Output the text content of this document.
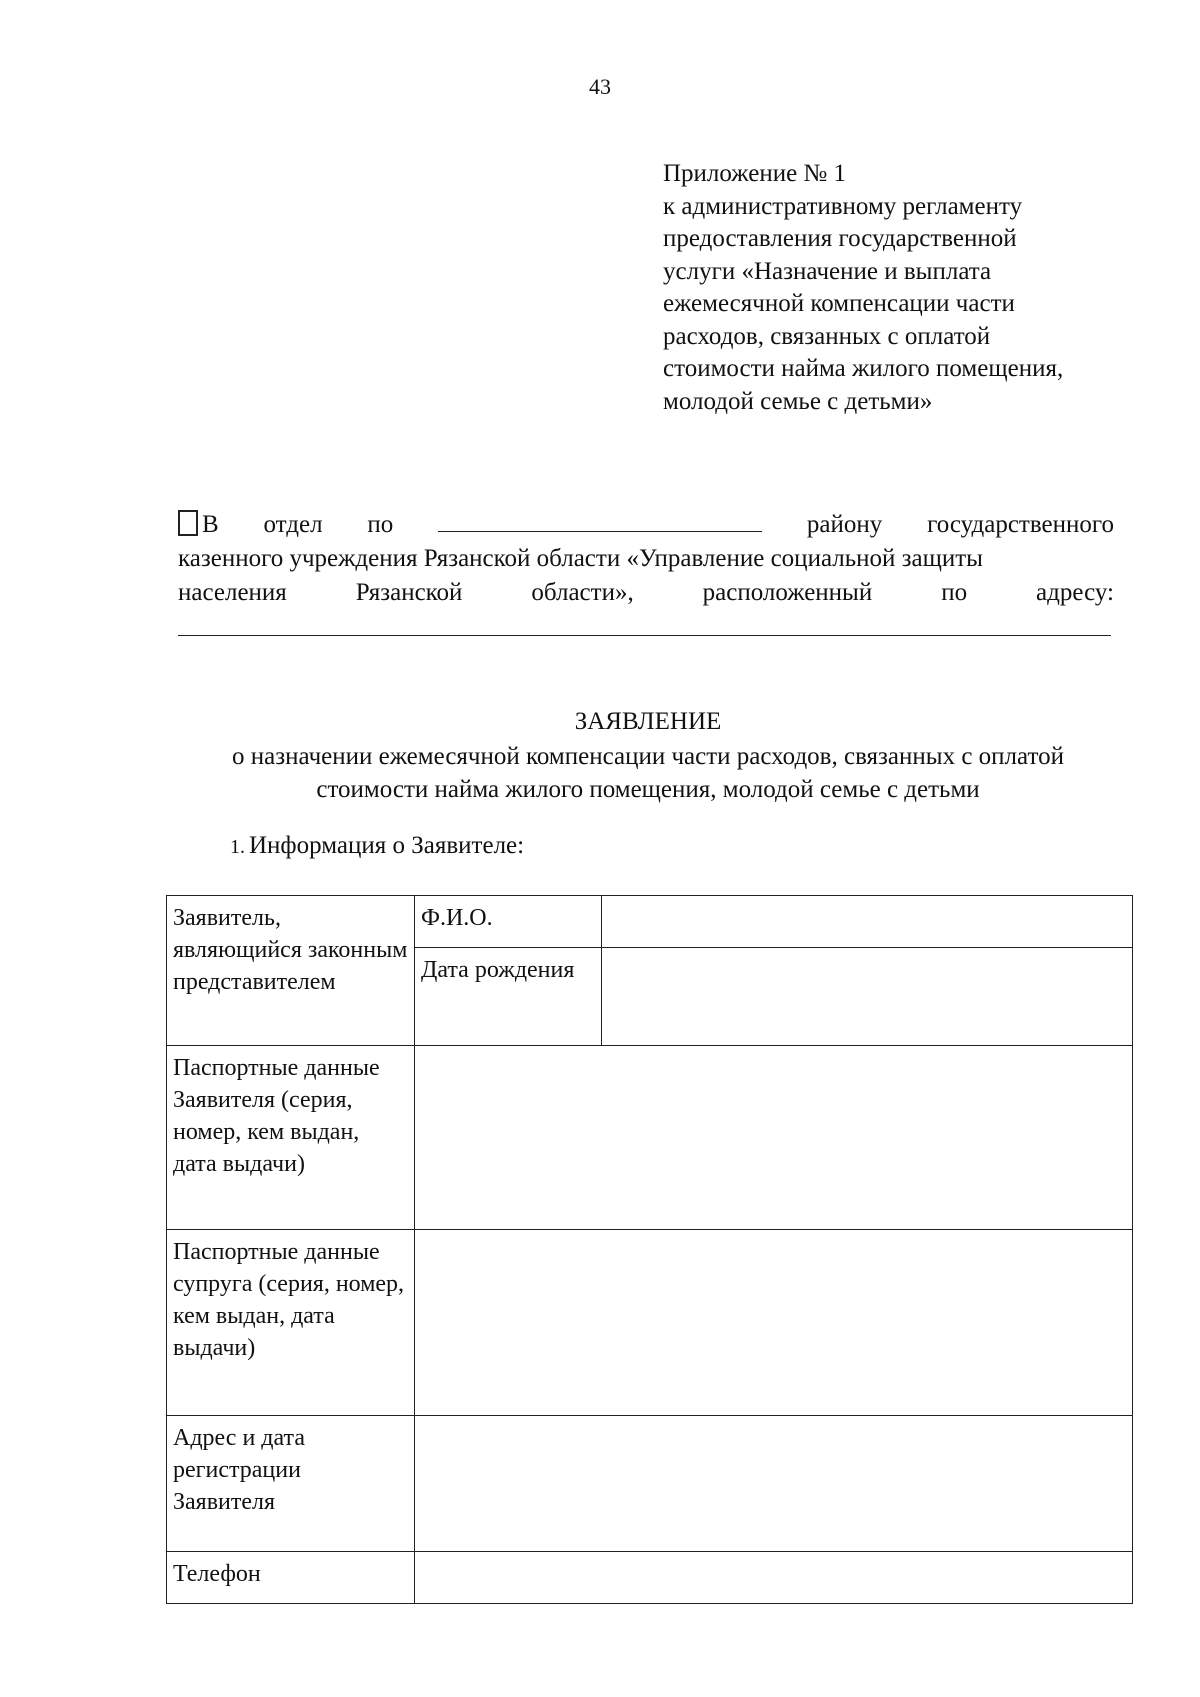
43
Приложение № 1
к административному регламенту
предоставления государственной
услуги «Назначение и выплата
ежемесячной компенсации части
расходов, связанных с оплатой
стоимости найма жилого помещения,
молодой семье с детьми»
В отдел по	району государственного
казенного учреждения Рязанской области «Управление социальной защиты
населения	Рязанской	области»,	расположенный	по	адресу:
ЗАЯВЛЕНИЕ
о назначении ежемесячной компенсации части расходов, связанных с оплатой стоимости найма жилого помещения, молодой семье с детьми
1. Информация о Заявителе:
Заявитель, являющийся законным представителем	Ф.И.О.	
	Дата рождения	
Паспортные данные Заявителя (серия, номер, кем выдан, дата выдачи)		
Паспортные данные супруга (серия, номер, кем выдан, дата выдачи)		
Адрес и дата регистрации Заявителя		
Телефон		
